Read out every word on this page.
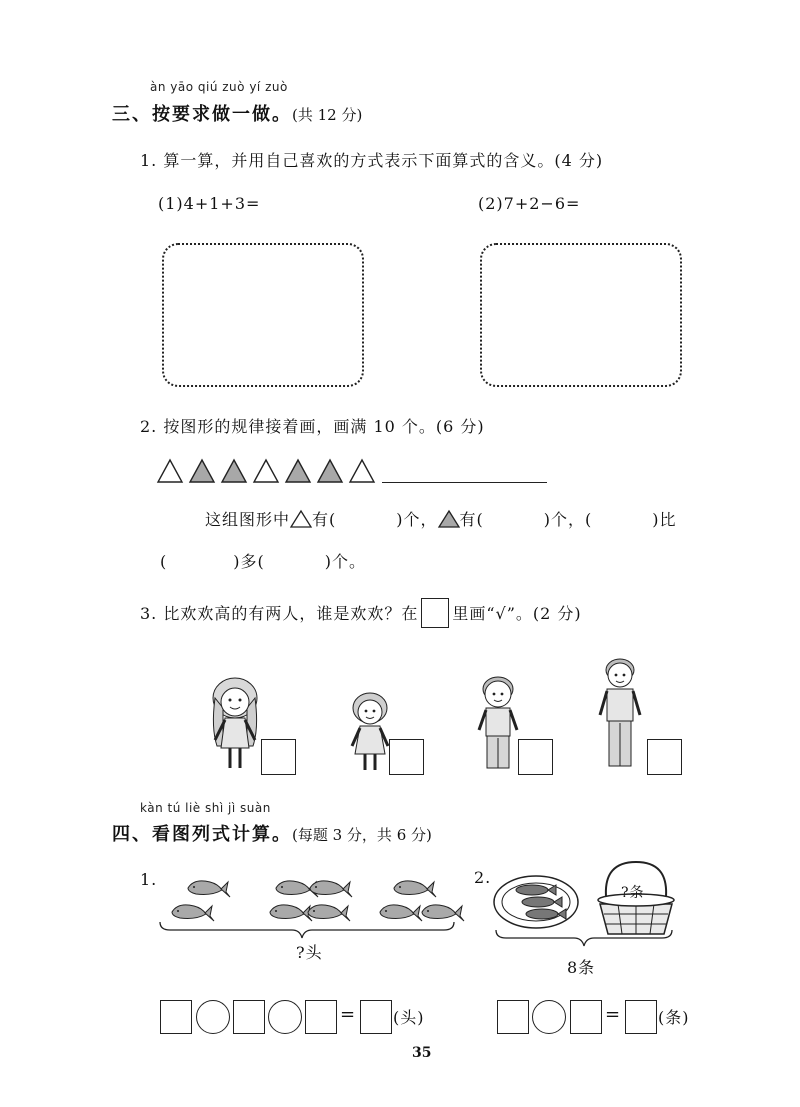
àn yāo qiú zuò yí zuò
三、按要求做一做。(共 12 分)
1. 算一算，并用自己喜欢的方式表示下面算式的含义。(4 分)
(1)4+1+3=	(2)7+2−6=
2. 按图形的规律接着画，画满 10 个。(6 分)
这组图形中 有(	)个， 有(	)个，(	)比
(	)多(	)个。
3. 比欢欢高的有两人，谁是欢欢？在 里画“√”。(2 分)
kàn tú liè shì jì suàn
四、看图列式计算。(每题 3 分，共 6 分)
1.
?头
2.
?条
8条
= (头)	= (条)
35
